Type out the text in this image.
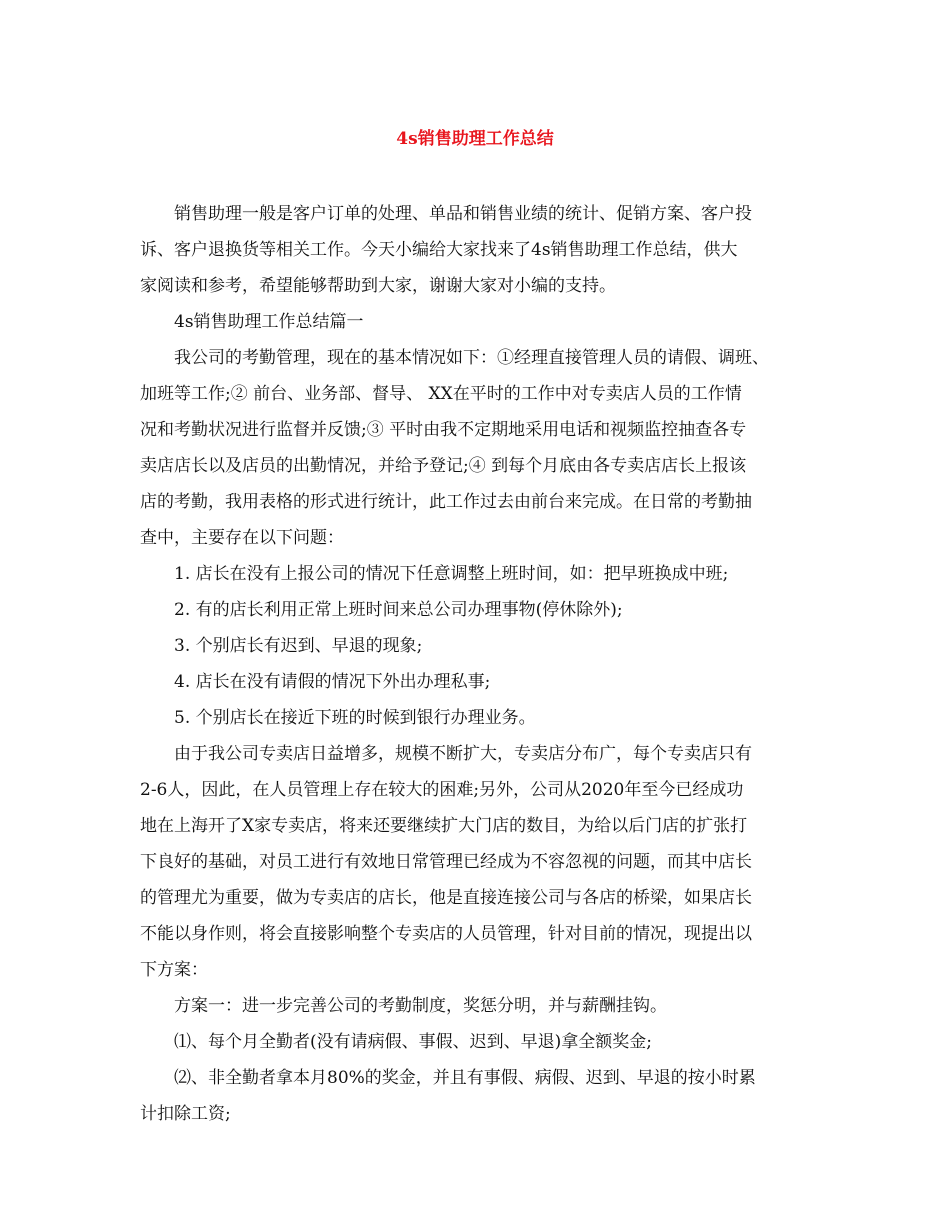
4s销售助理工作总结
销售助理一般是客户订单的处理、单品和销售业绩的统计、促销方案、客户投
诉、客户退换货等相关工作。今天小编给大家找来了4s销售助理工作总结，供大
家阅读和参考，希望能够帮助到大家，谢谢大家对小编的支持。
4s销售助理工作总结篇一
我公司的考勤管理，现在的基本情况如下：①经理直接管理人员的请假、调班、
加班等工作;② 前台、业务部、督导、 XX在平时的工作中对专卖店人员的工作情
况和考勤状况进行监督并反馈;③ 平时由我不定期地采用电话和视频监控抽查各专
卖店店长以及店员的出勤情况，并给予登记;④ 到每个月底由各专卖店店长上报该
店的考勤，我用表格的形式进行统计，此工作过去由前台来完成。在日常的考勤抽
查中，主要存在以下问题：
1. 店长在没有上报公司的情况下任意调整上班时间，如：把早班换成中班;
2. 有的店长利用正常上班时间来总公司办理事物(停休除外);
3. 个别店长有迟到、早退的现象;
4. 店长在没有请假的情况下外出办理私事;
5. 个别店长在接近下班的时候到银行办理业务。
由于我公司专卖店日益增多，规模不断扩大，专卖店分布广，每个专卖店只有
2-6人，因此，在人员管理上存在较大的困难;另外，公司从2020年至今已经成功
地在上海开了X家专卖店，将来还要继续扩大门店的数目，为给以后门店的扩张打
下良好的基础，对员工进行有效地日常管理已经成为不容忽视的问题，而其中店长
的管理尤为重要，做为专卖店的店长，他是直接连接公司与各店的桥梁，如果店长
不能以身作则，将会直接影响整个专卖店的人员管理，针对目前的情况，现提出以
下方案：
方案一：进一步完善公司的考勤制度，奖惩分明，并与薪酬挂钩。
⑴、每个月全勤者(没有请病假、事假、迟到、早退)拿全额奖金;
⑵、非全勤者拿本月80%的奖金，并且有事假、病假、迟到、早退的按小时累
计扣除工资;
